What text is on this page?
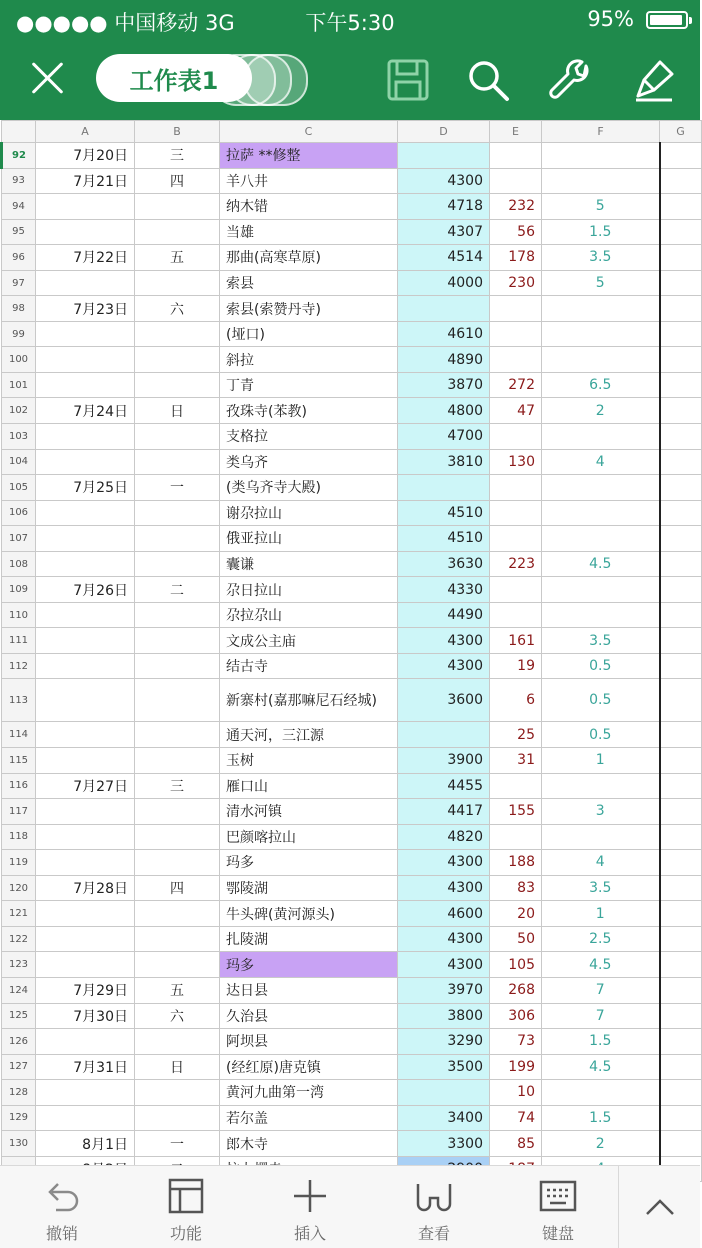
●●●●● 中国移动 3G	下午5:30	95%
工作表1
	A	B	C	D	E	F	G
92	7月20日	三	拉萨 **修整				
93	7月21日	四	羊八井	4300			
94			纳木错	4718	232	5	
95			当雄	4307	56	1.5	
96	7月22日	五	那曲(高寒草原)	4514	178	3.5	
97			索县	4000	230	5	
98	7月23日	六	索县(索赞丹寺)				
99			(垭口)	4610			
100			斜拉	4890			
101			丁青	3870	272	6.5	
102	7月24日	日	孜珠寺(苯教)	4800	47	2	
103			支格拉	4700			
104			类乌齐	3810	130	4	
105	7月25日	一	(类乌齐寺大殿)				
106			谢尕拉山	4510			
107			俄亚拉山	4510			
108			囊谦	3630	223	4.5	
109	7月26日	二	尕日拉山	4330			
110			尕拉尕山	4490			
111			文成公主庙	4300	161	3.5	
112			结古寺	4300	19	0.5	
113			新寨村(嘉那嘛尼石经城)	3600	6	0.5	
114			通天河，三江源		25	0.5	
115			玉树	3900	31	1	
116	7月27日	三	雁口山	4455			
117			清水河镇	4417	155	3	
118			巴颜喀拉山	4820			
119			玛多	4300	188	4	
120	7月28日	四	鄂陵湖	4300	83	3.5	
121			牛头碑(黄河源头)	4600	20	1	
122			扎陵湖	4300	50	2.5	
123			玛多	4300	105	4.5	
124	7月29日	五	达日县	3970	268	7	
125	7月30日	六	久治县	3800	306	7	
126			阿坝县	3290	73	1.5	
127	7月31日	日	(经红原)唐克镇	3500	199	4.5	
128			黄河九曲第一湾		10		
129			若尔盖	3400	74	1.5	
130	8月1日	一	郎木寺	3300	85	2	

撤销	功能	插入	查看	键盘
